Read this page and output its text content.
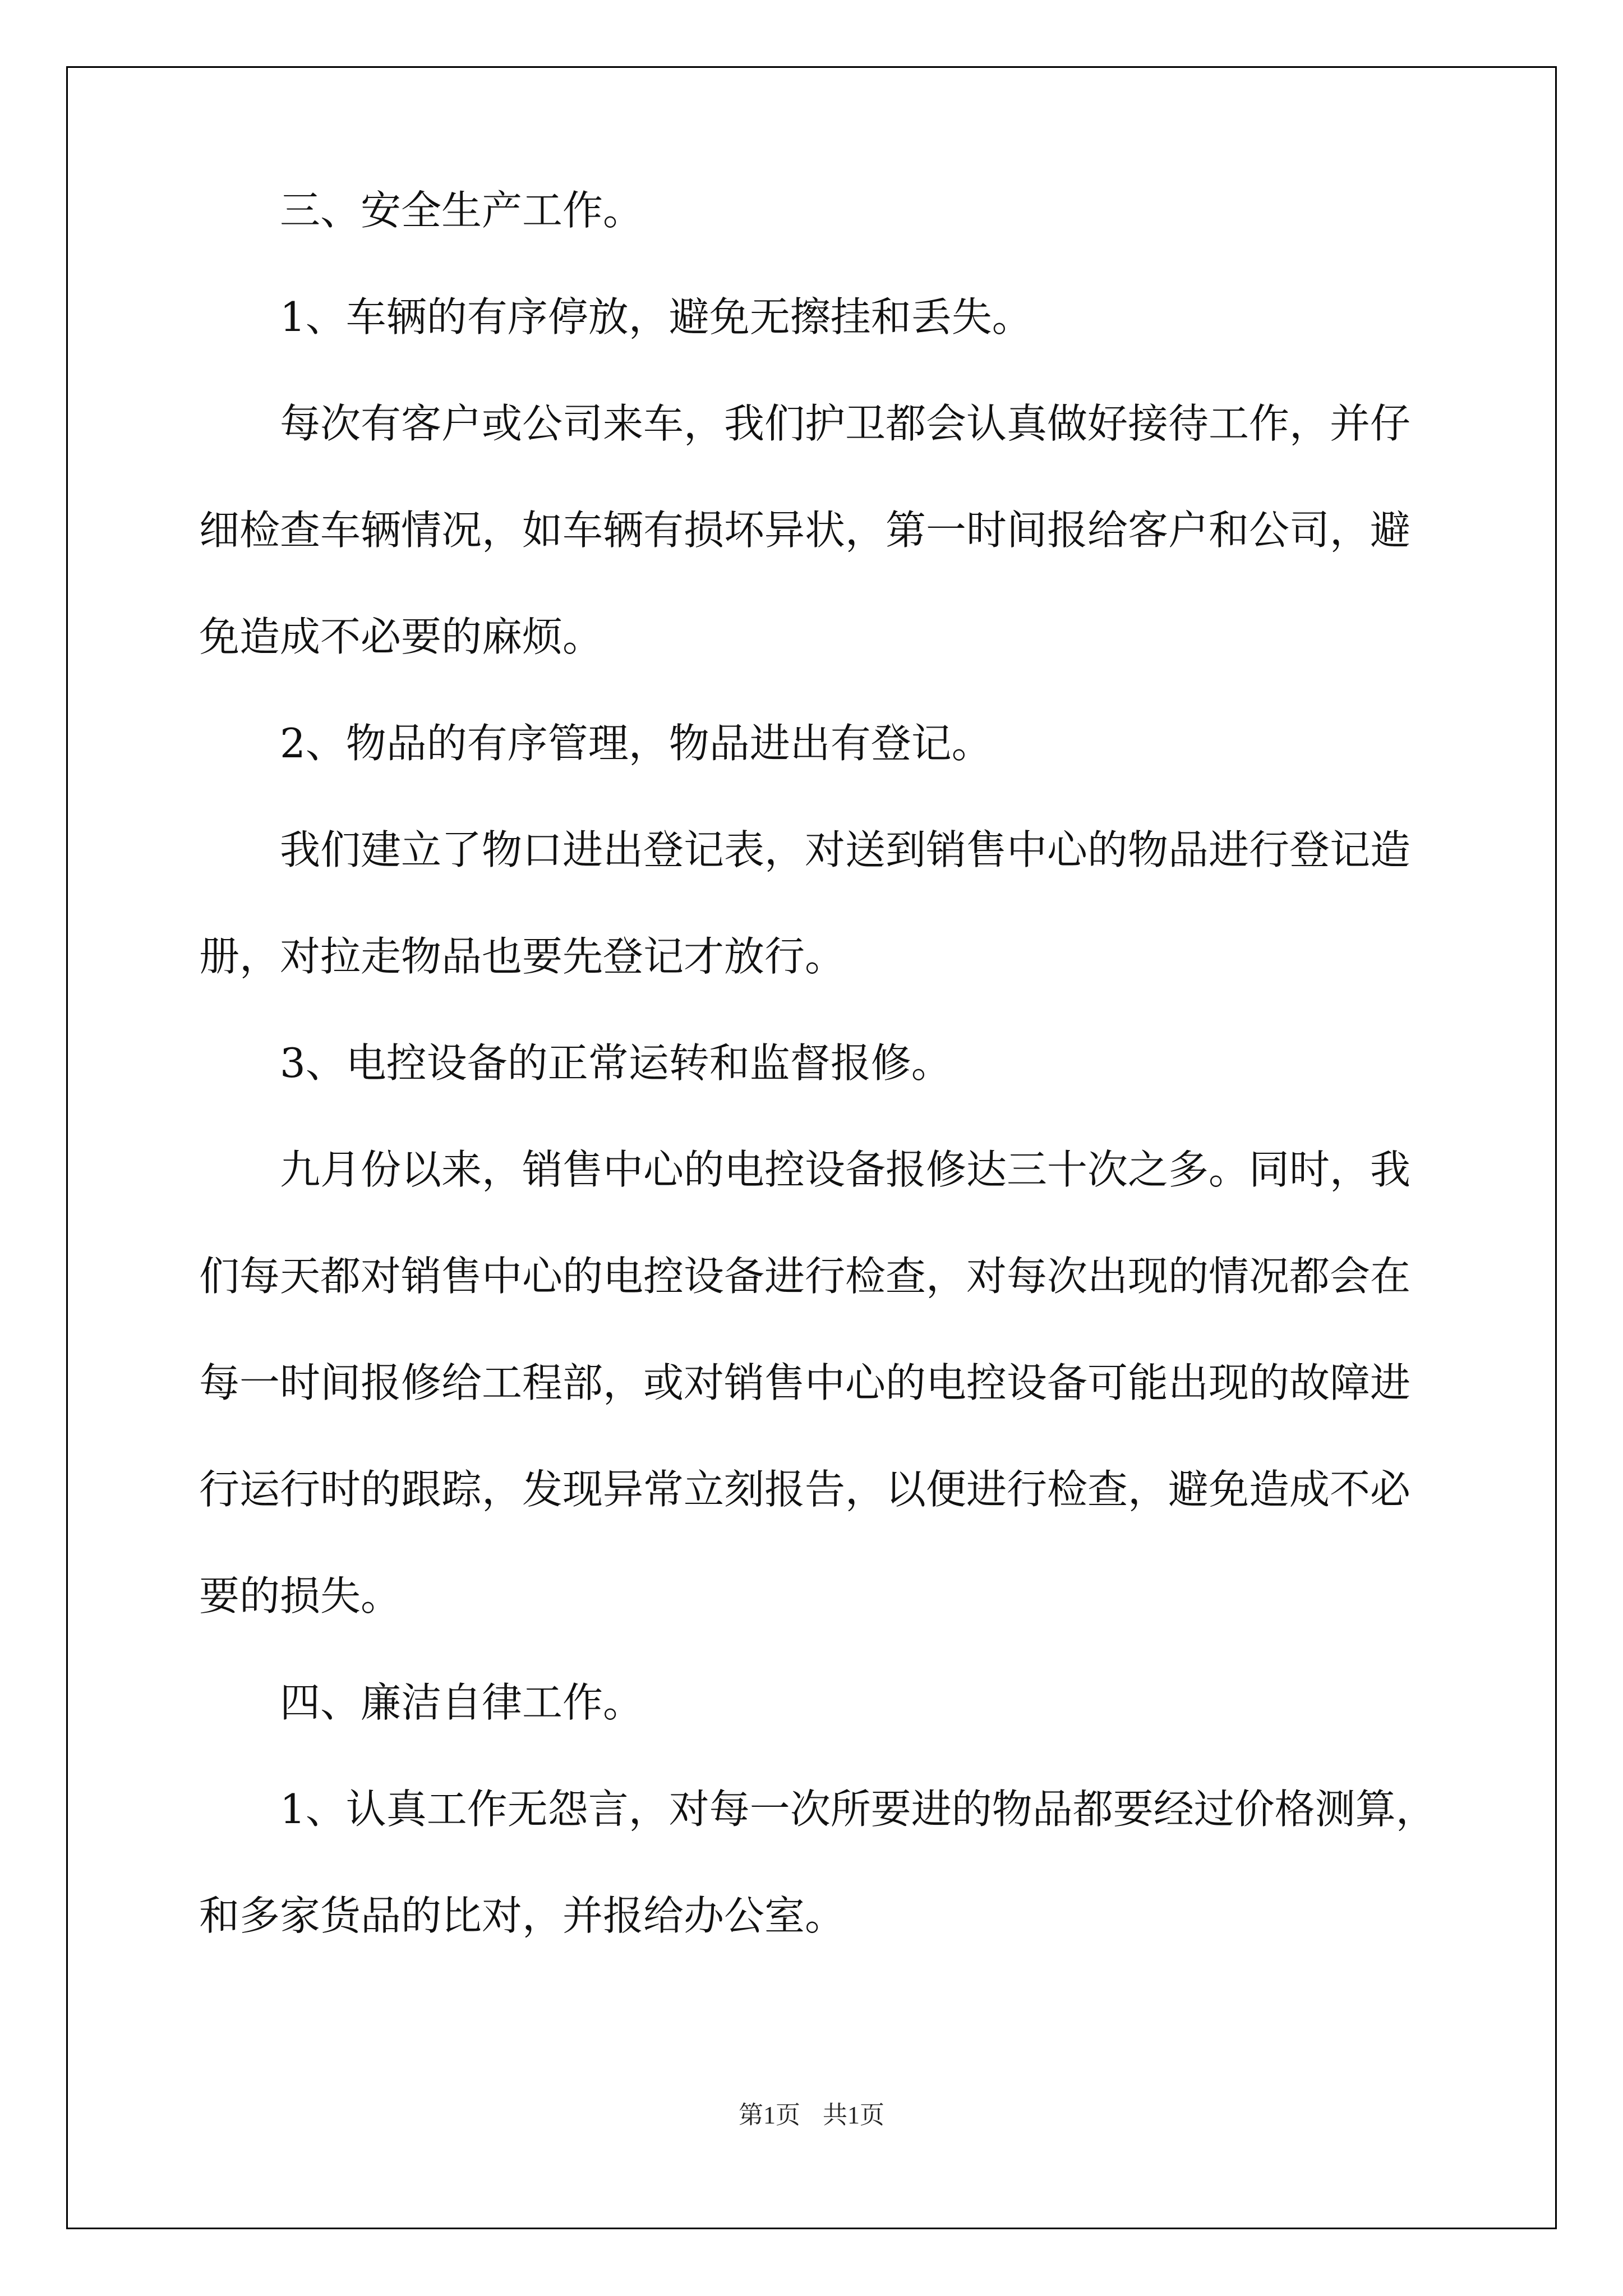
三、安全生产工作。

1、车辆的有序停放，避免无擦挂和丢失。

每次有客户或公司来车，我们护卫都会认真做好接待工作，并仔细检查车辆情况，如车辆有损坏异状，第一时间报给客户和公司，避免造成不必要的麻烦。

2、物品的有序管理，物品进出有登记。

我们建立了物口进出登记表，对送到销售中心的物品进行登记造册，对拉走物品也要先登记才放行。

3、电控设备的正常运转和监督报修。

九月份以来，销售中心的电控设备报修达三十次之多。同时，我们每天都对销售中心的电控设备进行检查，对每次出现的情况都会在每一时间报修给工程部，或对销售中心的电控设备可能出现的故障进行运行时的跟踪，发现异常立刻报告，以便进行检查，避免造成不必要的损失。

四、廉洁自律工作。

1、认真工作无怨言，对每一次所要进的物品都要经过价格测算，和多家货品的比对，并报给办公室。

第1页 共1页
